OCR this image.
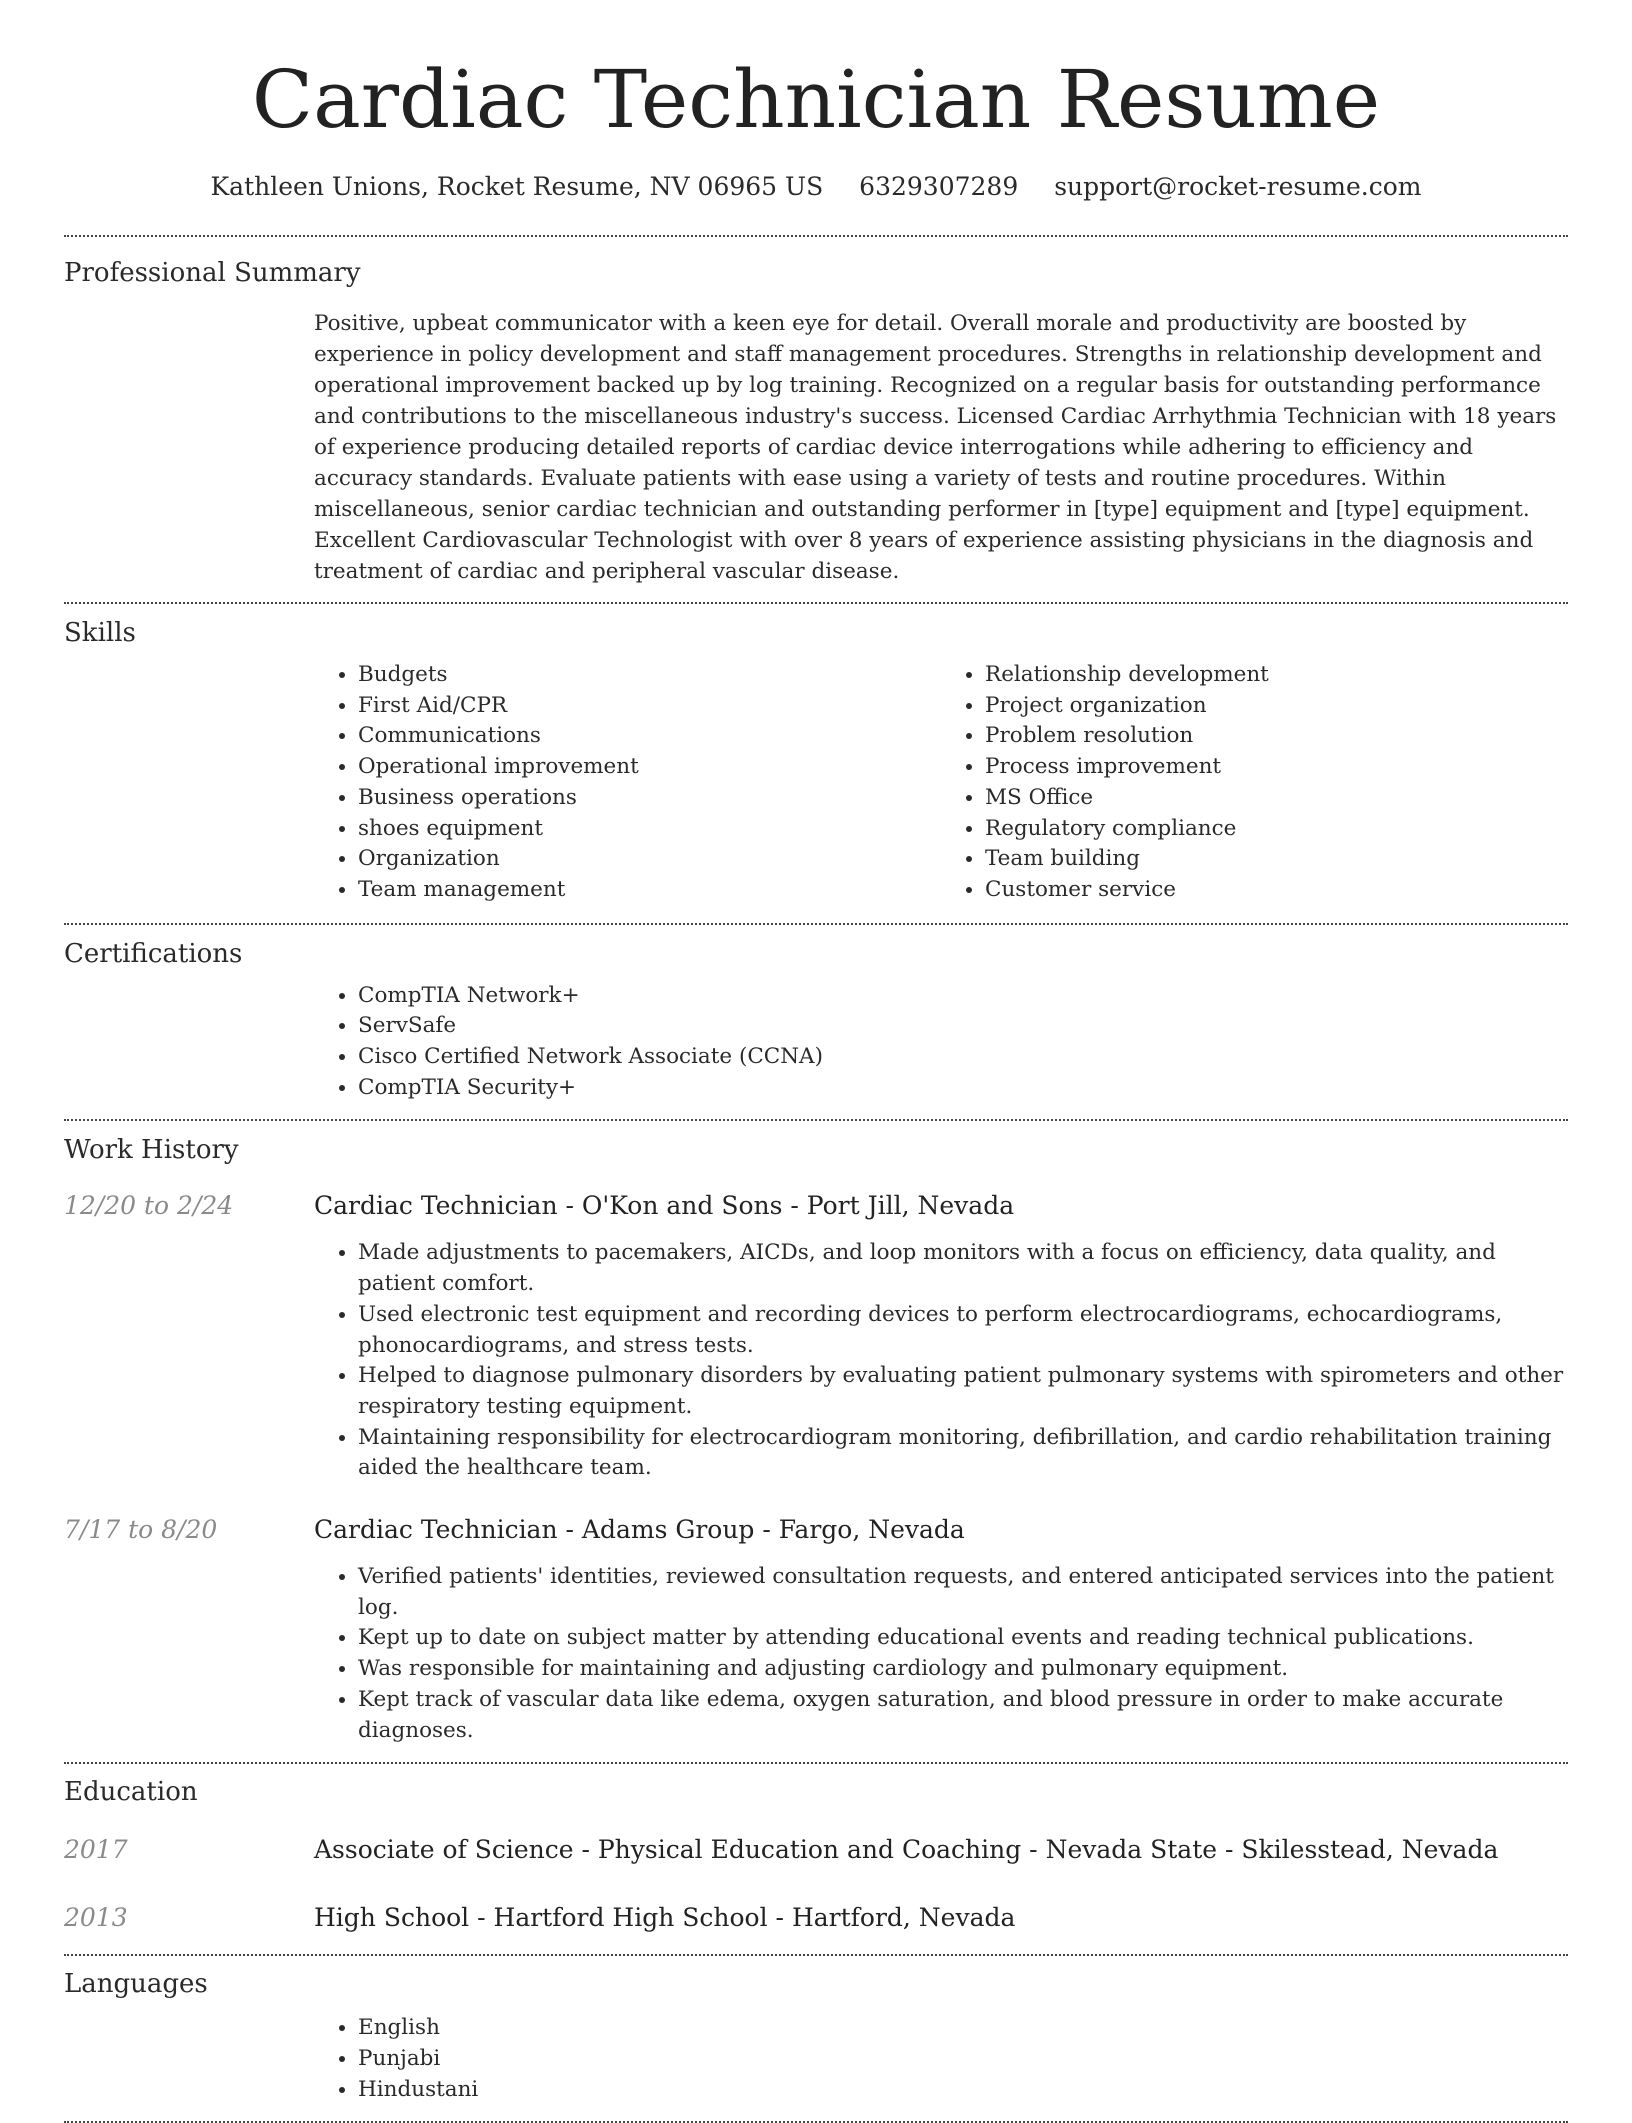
Cardiac Technician Resume
Kathleen Unions, Rocket Resume, NV 06965 US 6329307289 support@rocket-resume.com
Professional Summary

Positive, upbeat communicator with a keen eye for detail. Overall morale and productivity are boosted by experience in policy development and staff management procedures. Strengths in relationship development and operational improvement backed up by log training. Recognized on a regular basis for outstanding performance and contributions to the miscellaneous industry's success. Licensed Cardiac Arrhythmia Technician with 18 years of experience producing detailed reports of cardiac device interrogations while adhering to efficiency and accuracy standards. Evaluate patients with ease using a variety of tests and routine procedures. Within miscellaneous, senior cardiac technician and outstanding performer in [type] equipment and [type] equipment. Excellent Cardiovascular Technologist with over 8 years of experience assisting physicians in the diagnosis and treatment of cardiac and peripheral vascular disease.

Skills
• Budgets
• First Aid/CPR
• Communications
• Operational improvement
• Business operations
• shoes equipment
• Organization
• Team management
• Relationship development
• Project organization
• Problem resolution
• Process improvement
• MS Office
• Regulatory compliance
• Team building
• Customer service
Certifications
• CompTIA Network+
• ServSafe
• Cisco Certified Network Associate (CCNA)
• CompTIA Security+
Work History
12/20 to 2/24	Cardiac Technician - O'Kon and Sons - Port Jill, Nevada
• Made adjustments to pacemakers, AICDs, and loop monitors with a focus on efficiency, data quality, and patient comfort.
• Used electronic test equipment and recording devices to perform electrocardiograms, echocardiograms, phonocardiograms, and stress tests.
• Helped to diagnose pulmonary disorders by evaluating patient pulmonary systems with spirometers and other respiratory testing equipment.
• Maintaining responsibility for electrocardiogram monitoring, defibrillation, and cardio rehabilitation training aided the healthcare team.
7/17 to 8/20	Cardiac Technician - Adams Group - Fargo, Nevada
• Verified patients' identities, reviewed consultation requests, and entered anticipated services into the patient log.
• Kept up to date on subject matter by attending educational events and reading technical publications.
• Was responsible for maintaining and adjusting cardiology and pulmonary equipment.
• Kept track of vascular data like edema, oxygen saturation, and blood pressure in order to make accurate diagnoses.
Education
2017	Associate of Science - Physical Education and Coaching - Nevada State - Skilesstead, Nevada
2013	High School - Hartford High School - Hartford, Nevada
Languages
• English
• Punjabi
• Hindustani
